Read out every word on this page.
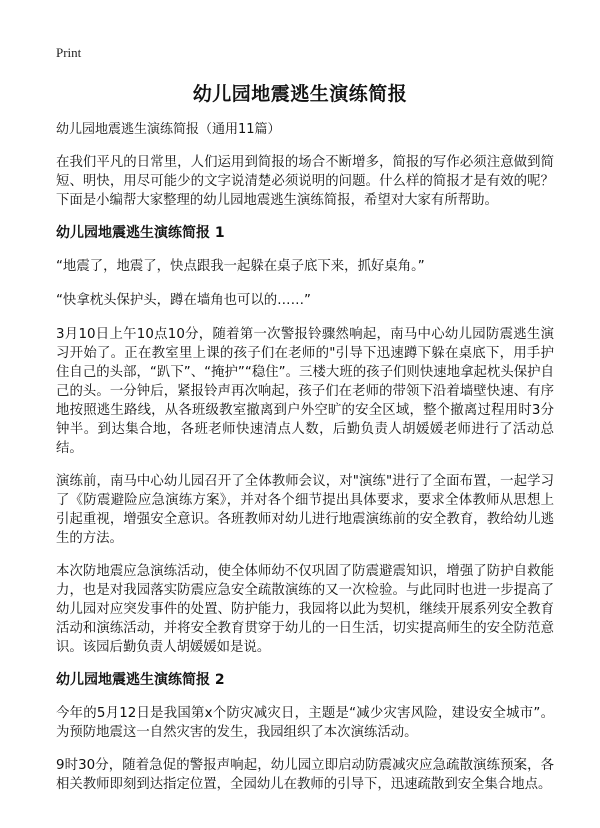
Print
幼儿园地震逃生演练简报
幼儿园地震逃生演练简报（通用11篇）

在我们平凡的日常里，人们运用到简报的场合不断增多，简报的写作必须注意做到简短、明快，用尽可能少的文字说清楚必须说明的问题。什么样的简报才是有效的呢？下面是小编帮大家整理的幼儿园地震逃生演练简报，希望对大家有所帮助。

幼儿园地震逃生演练简报 1

“地震了，地震了，快点跟我一起躲在桌子底下来，抓好桌角。”

“快拿枕头保护头，蹲在墙角也可以的……”

3月10日上午10点10分，随着第一次警报铃骤然响起，南马中心幼儿园防震逃生演习开始了。正在教室里上课的孩子们在老师的"引导下迅速蹲下躲在桌底下，用手护住自己的头部，“趴下”、“掩护”“稳住”。三楼大班的孩子们则快速地拿起枕头保护自己的头。一分钟后，紧报铃声再次响起，孩子们在老师的带领下沿着墙壁快速、有序地按照逃生路线，从各班级教室撤离到户外空旷的安全区域，整个撤离过程用时3分钟半。到达集合地，各班老师快速清点人数，后勤负责人胡媛媛老师进行了活动总结。

演练前，南马中心幼儿园召开了全体教师会议，对"演练"进行了全面布置，一起学习了《防震避险应急演练方案》，并对各个细节提出具体要求，要求全体教师从思想上引起重视，增强安全意识。各班教师对幼儿进行地震演练前的安全教育，教给幼儿逃生的方法。

本次防地震应急演练活动，使全体师幼不仅巩固了防震避震知识，增强了防护自救能力，也是对我园落实防震应急安全疏散演练的又一次检验。与此同时也进一步提高了幼儿园对应突发事件的处置、防护能力，我园将以此为契机，继续开展系列安全教育活动和演练活动，并将安全教育贯穿于幼儿的一日生活，切实提高师生的安全防范意识。该园后勤负责人胡媛媛如是说。

幼儿园地震逃生演练简报 2

今年的5月12日是我国第x个防灾减灾日，主题是“减少灾害风险，建设安全城市”。为预防地震这一自然灾害的发生，我园组织了本次演练活动。

9时30分，随着急促的警报声响起，幼儿园立即启动防震减灾应急疏散演练预案，各相关教师即刻到达指定位置，全园幼儿在教师的引导下，迅速疏散到安全集合地点。
